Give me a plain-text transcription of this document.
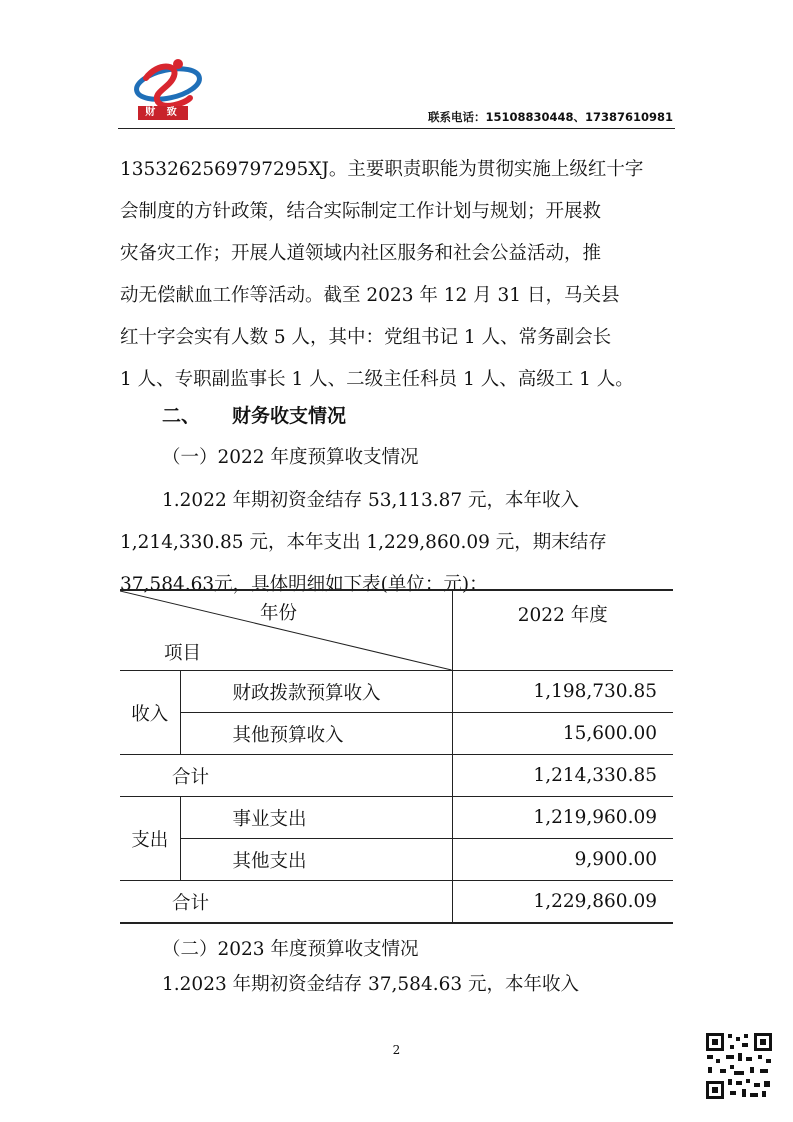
财 致	联系电话：15108830448、17387610981

1353262569797295XJ。主要职责职能为贯彻实施上级红十字

会制度的方针政策，结合实际制定工作计划与规划；开展救

灾备灾工作；开展人道领域内社区服务和社会公益活动，推

动无偿献血工作等活动。截至 2023 年 12 月 31 日，马关县

红十字会实有人数 5 人，其中：党组书记 1 人、常务副会长

1 人、专职副监事长 1 人、二级主任科员 1 人、高级工 1 人。

二、 财务收支情况
（一）2022 年度预算收支情况

1.2022 年期初资金结存 53,113.87 元，本年收入

1,214,330.85 元，本年支出 1,229,860.09 元，期末结存

37,584.63元，具体明细如下表(单位：元)：

年份
项目		2022 年度
收入	财政拨款预算收入	1,198,730.85
	其他预算收入	15,600.00
合计		1,214,330.85
支出	事业支出	1,219,960.09
	其他支出	9,900.00
合计		1,229,860.09
（二）2023 年度预算收支情况

1.2023 年期初资金结存 37,584.63 元，本年收入

2
